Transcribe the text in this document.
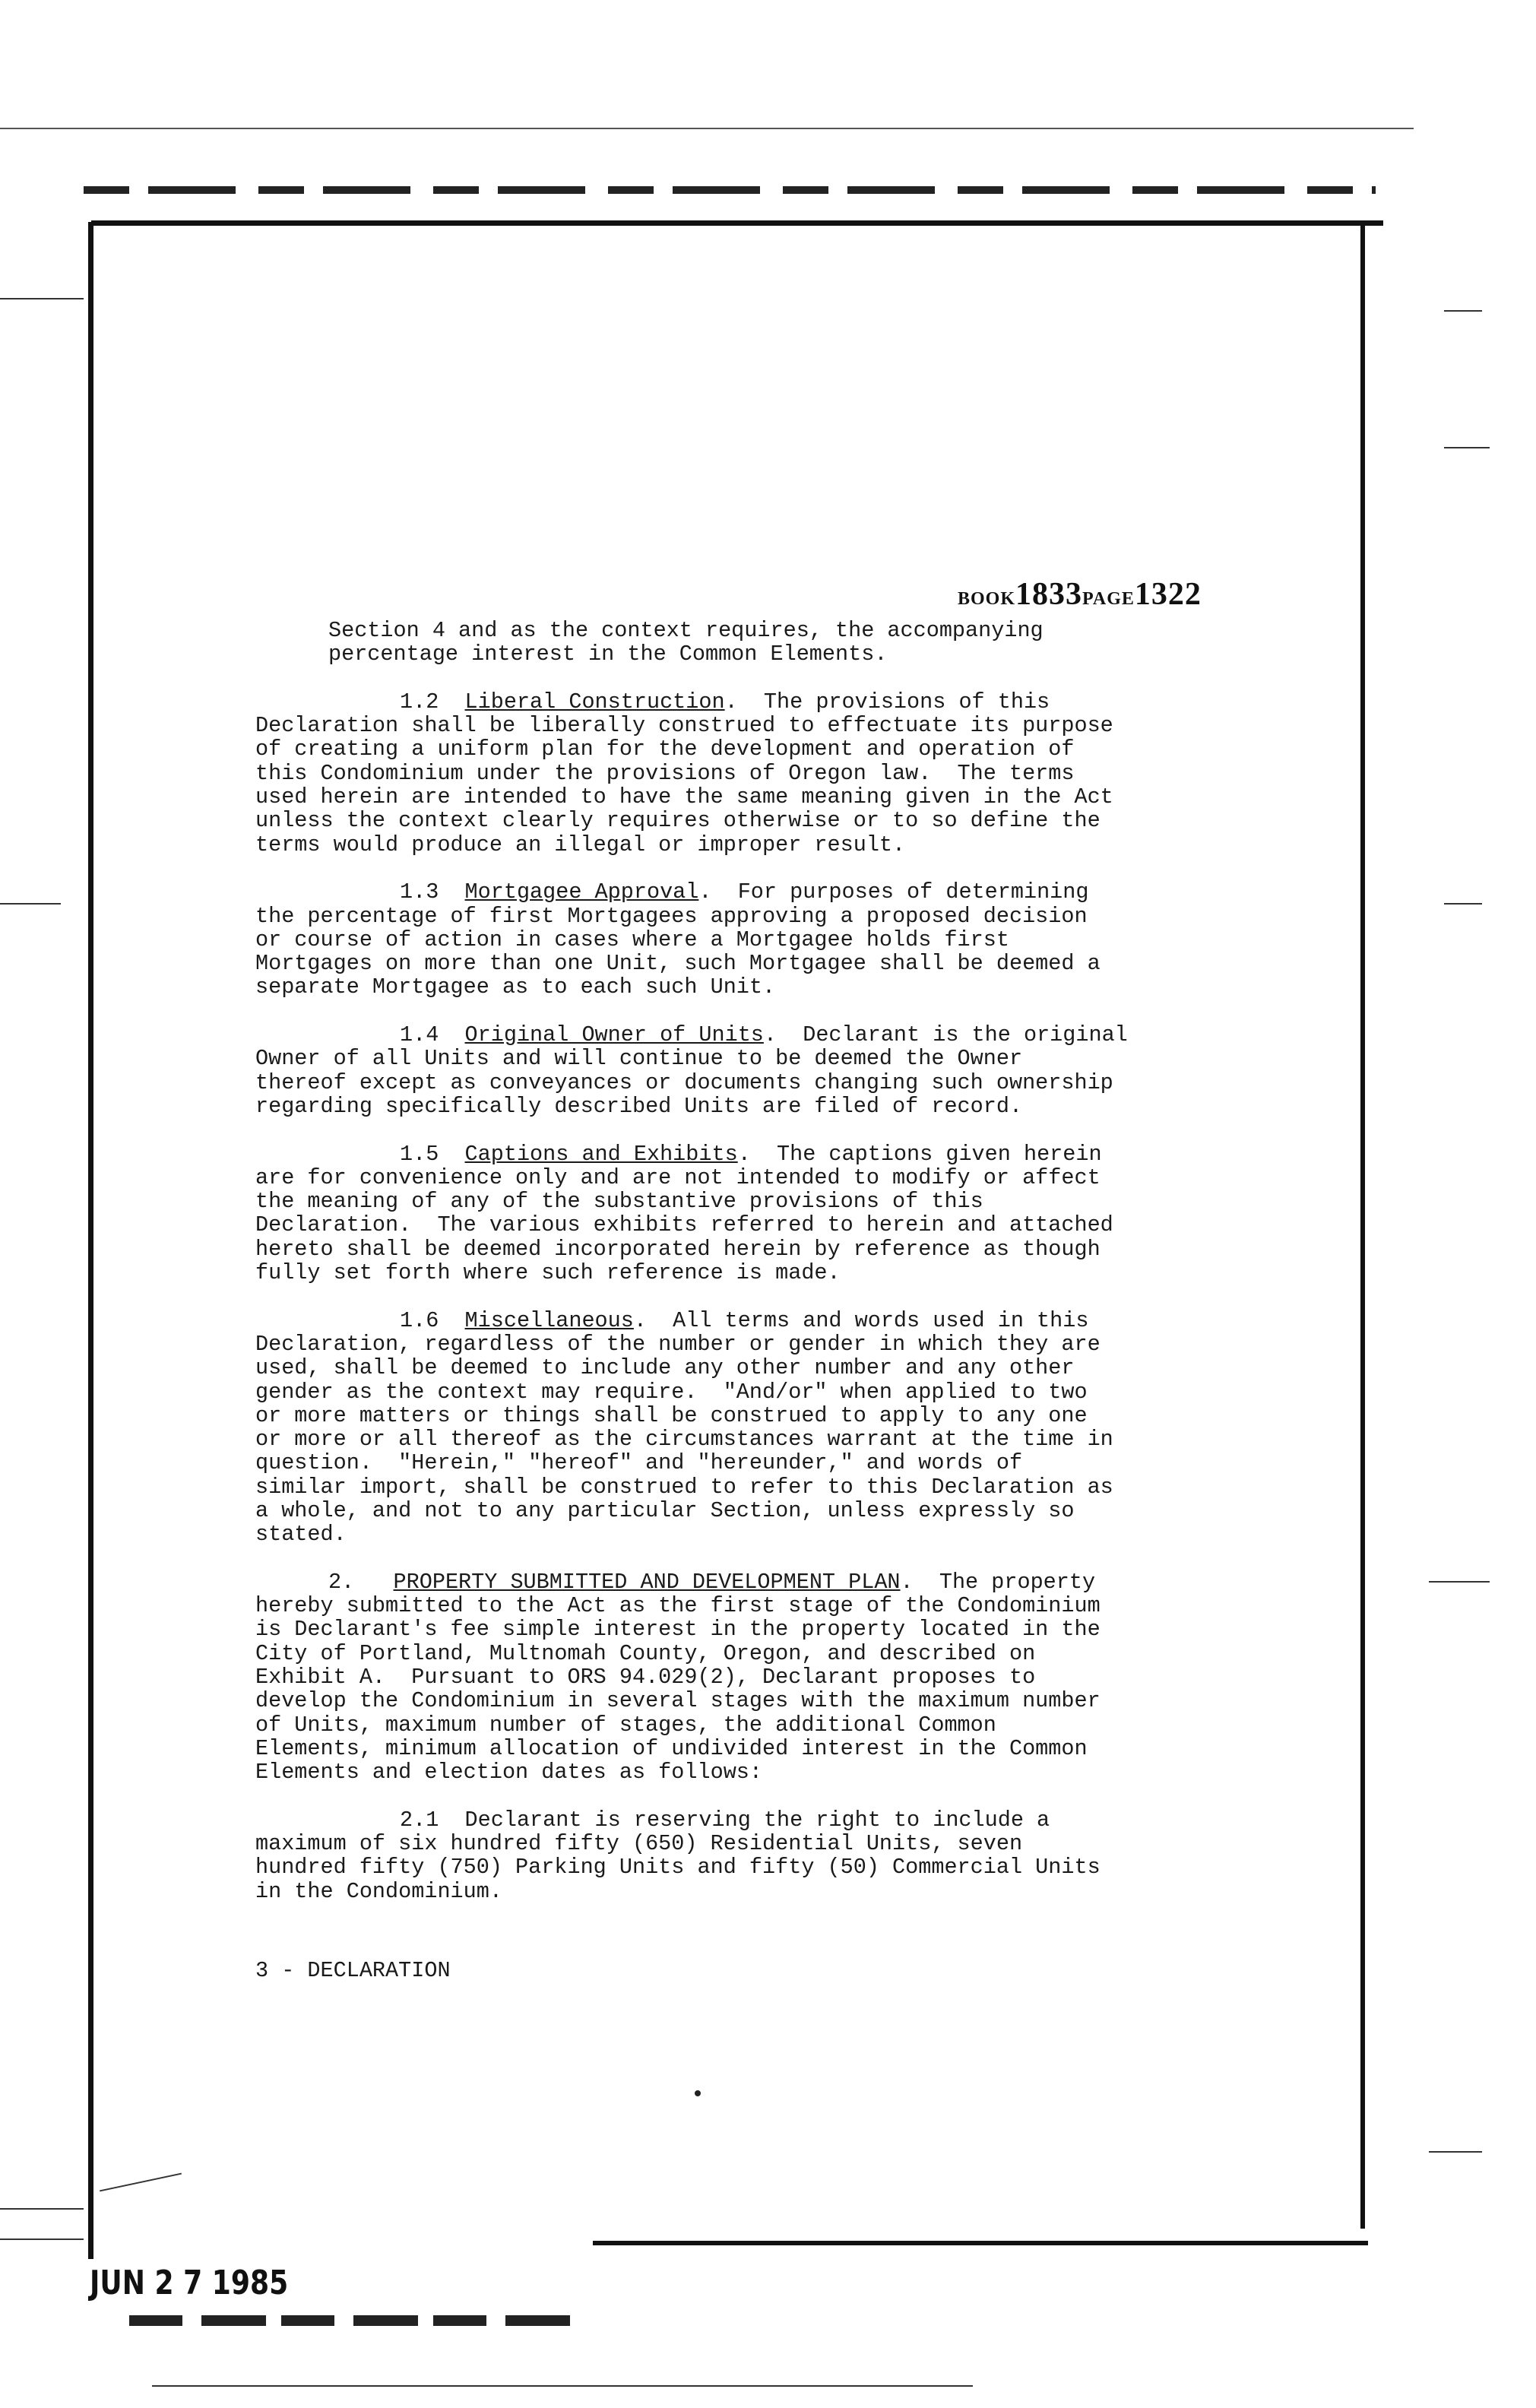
BOOK1833PAGE1322

Section 4 and as the context requires, the accompanying
percentage interest in the Common Elements.

1.2 Liberal Construction.  The provisions of this
Declaration shall be liberally construed to effectuate its purpose
of creating a uniform plan for the development and operation of
this Condominium under the provisions of Oregon law.  The terms
used herein are intended to have the same meaning given in the Act
unless the context clearly requires otherwise or to so define the
terms would produce an illegal or improper result.

1.3 Mortgagee Approval.  For purposes of determining
the percentage of first Mortgagees approving a proposed decision
or course of action in cases where a Mortgagee holds first
Mortgages on more than one Unit, such Mortgagee shall be deemed a
separate Mortgagee as to each such Unit.

1.4 Original Owner of Units.  Declarant is the original
Owner of all Units and will continue to be deemed the Owner
thereof except as conveyances or documents changing such ownership
regarding specifically described Units are filed of record.

1.5 Captions and Exhibits.  The captions given herein
are for convenience only and are not intended to modify or affect
the meaning of any of the substantive provisions of this
Declaration.  The various exhibits referred to herein and attached
hereto shall be deemed incorporated herein by reference as though
fully set forth where such reference is made.

1.6 Miscellaneous.  All terms and words used in this
Declaration, regardless of the number or gender in which they are
used, shall be deemed to include any other number and any other
gender as the context may require.  "And/or" when applied to two
or more matters or things shall be construed to apply to any one
or more or all thereof as the circumstances warrant at the time in
question.  "Herein," "hereof" and "hereunder," and words of
similar import, shall be construed to refer to this Declaration as
a whole, and not to any particular Section, unless expressly so
stated.

2. PROPERTY SUBMITTED AND DEVELOPMENT PLAN.  The property
hereby submitted to the Act as the first stage of the Condominium
is Declarant's fee simple interest in the property located in the
City of Portland, Multnomah County, Oregon, and described on
Exhibit A.  Pursuant to ORS 94.029(2), Declarant proposes to
develop the Condominium in several stages with the maximum number
of Units, maximum number of stages, the additional Common
Elements, minimum allocation of undivided interest in the Common
Elements and election dates as follows:

2.1 Declarant is reserving the right to include a
maximum of six hundred fifty (650) Residential Units, seven
hundred fifty (750) Parking Units and fifty (50) Commercial Units
in the Condominium.

3 - DECLARATION
JUN 2 7 1985
